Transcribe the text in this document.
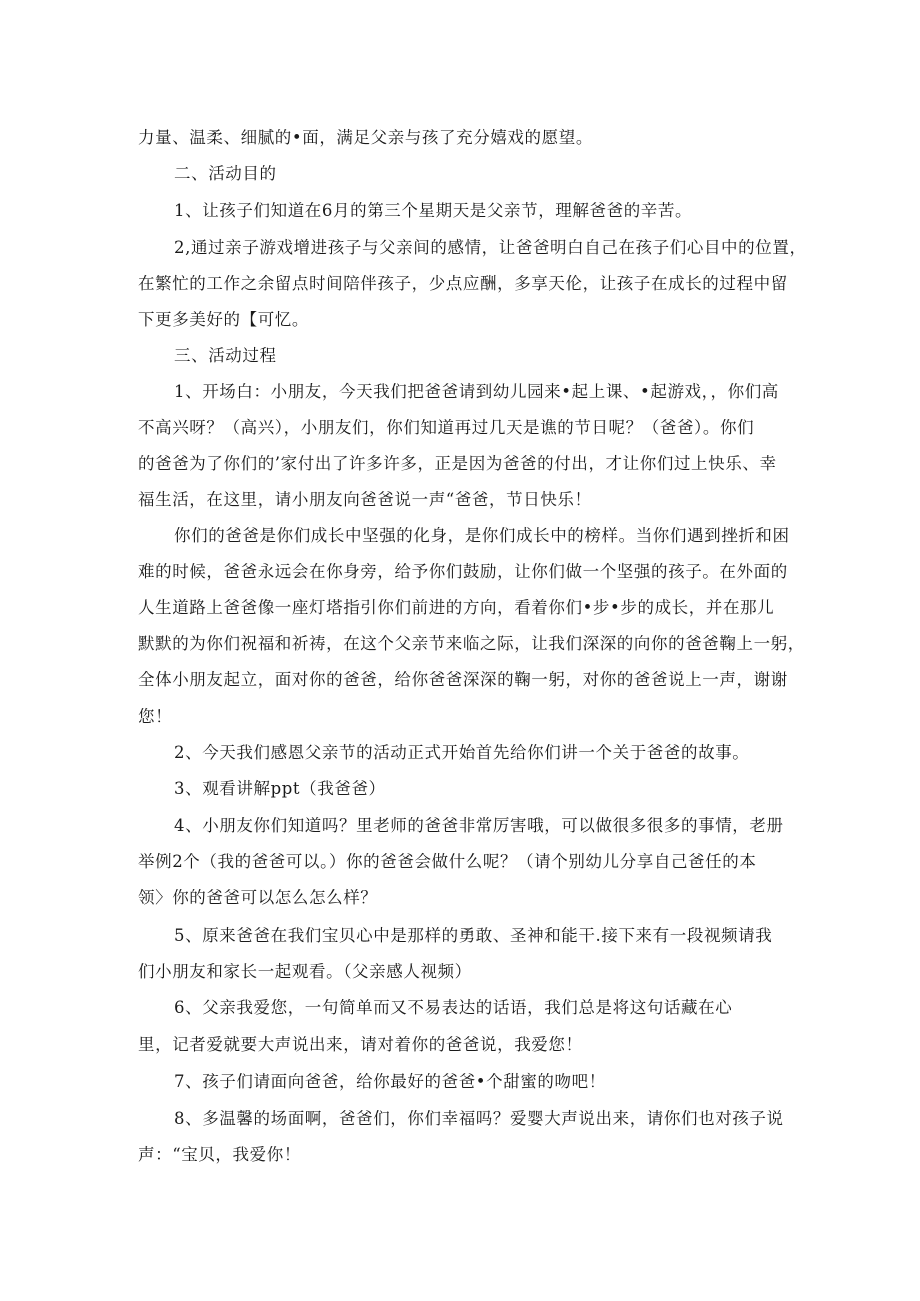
力量、温柔、细腻的•面，满足父亲与孩了充分嬉戏的愿望。
二、活动目的
1、让孩子们知道在6月的第三个星期天是父亲节，理解爸爸的辛苦。
2,通过亲子游戏增进孩子与父亲间的感情，让爸爸明白自己在孩子们心目中的位置，
在繁忙的工作之余留点时间陪伴孩子，少点应酬，多享天伦，让孩子在成长的过程中留
下更多美好的【可忆。
三、活动过程
1、开场白：小朋友，今天我们把爸爸请到幼儿园来•起上课、•起游戏，，你们高
不高兴呀？（高兴），小朋友们，你们知道再过几天是谯的节日呢？（爸爸）。你们
的爸爸为了你们的’家付出了许多许多，正是因为爸爸的付出，才让你们过上快乐、幸
福生活，在这里，请小朋友向爸爸说一声“爸爸，节日快乐！
你们的爸爸是你们成长中坚强的化身，是你们成长中的榜样。当你们遇到挫折和困
难的时候，爸爸永远会在你身旁，给予你们鼓励，让你们做一个坚强的孩子。在外面的
人生道路上爸爸像一座灯塔指引你们前进的方向，看着你们•步•步的成长，并在那儿
默默的为你们祝福和祈祷，在这个父亲节来临之际，让我们深深的向你的爸爸鞠上一躬，
全体小朋友起立，面对你的爸爸，给你爸爸深深的鞠一躬，对你的爸爸说上一声，谢谢
您！
2、今天我们感恩父亲节的活动正式开始首先给你们讲一个关于爸爸的故事。
3、观看讲解ppt（我爸爸）
4、小朋友你们知道吗？里老师的爸爸非常厉害哦，可以做很多很多的事情，老册
举例2个（我的爸爸可以。）你的爸爸会做什么呢？（请个别幼儿分享自己爸任的本
领〉你的爸爸可以怎么怎么样？
5、原来爸爸在我们宝贝心中是那样的勇敢、圣神和能干.接下来有一段视频请我
们小朋友和家长一起观看。（父亲感人视频）
6、父亲我爱您，一句简单而又不易表达的话语，我们总是将这句话藏在心
里，记者爱就要大声说出来，请对着你的爸爸说，我爱您！
7、孩子们请面向爸爸，给你最好的爸爸•个甜蜜的吻吧！
8、多温馨的场面啊，爸爸们，你们幸福吗？爱婴大声说出来，请你们也对孩子说
声：“宝贝，我爱你！
